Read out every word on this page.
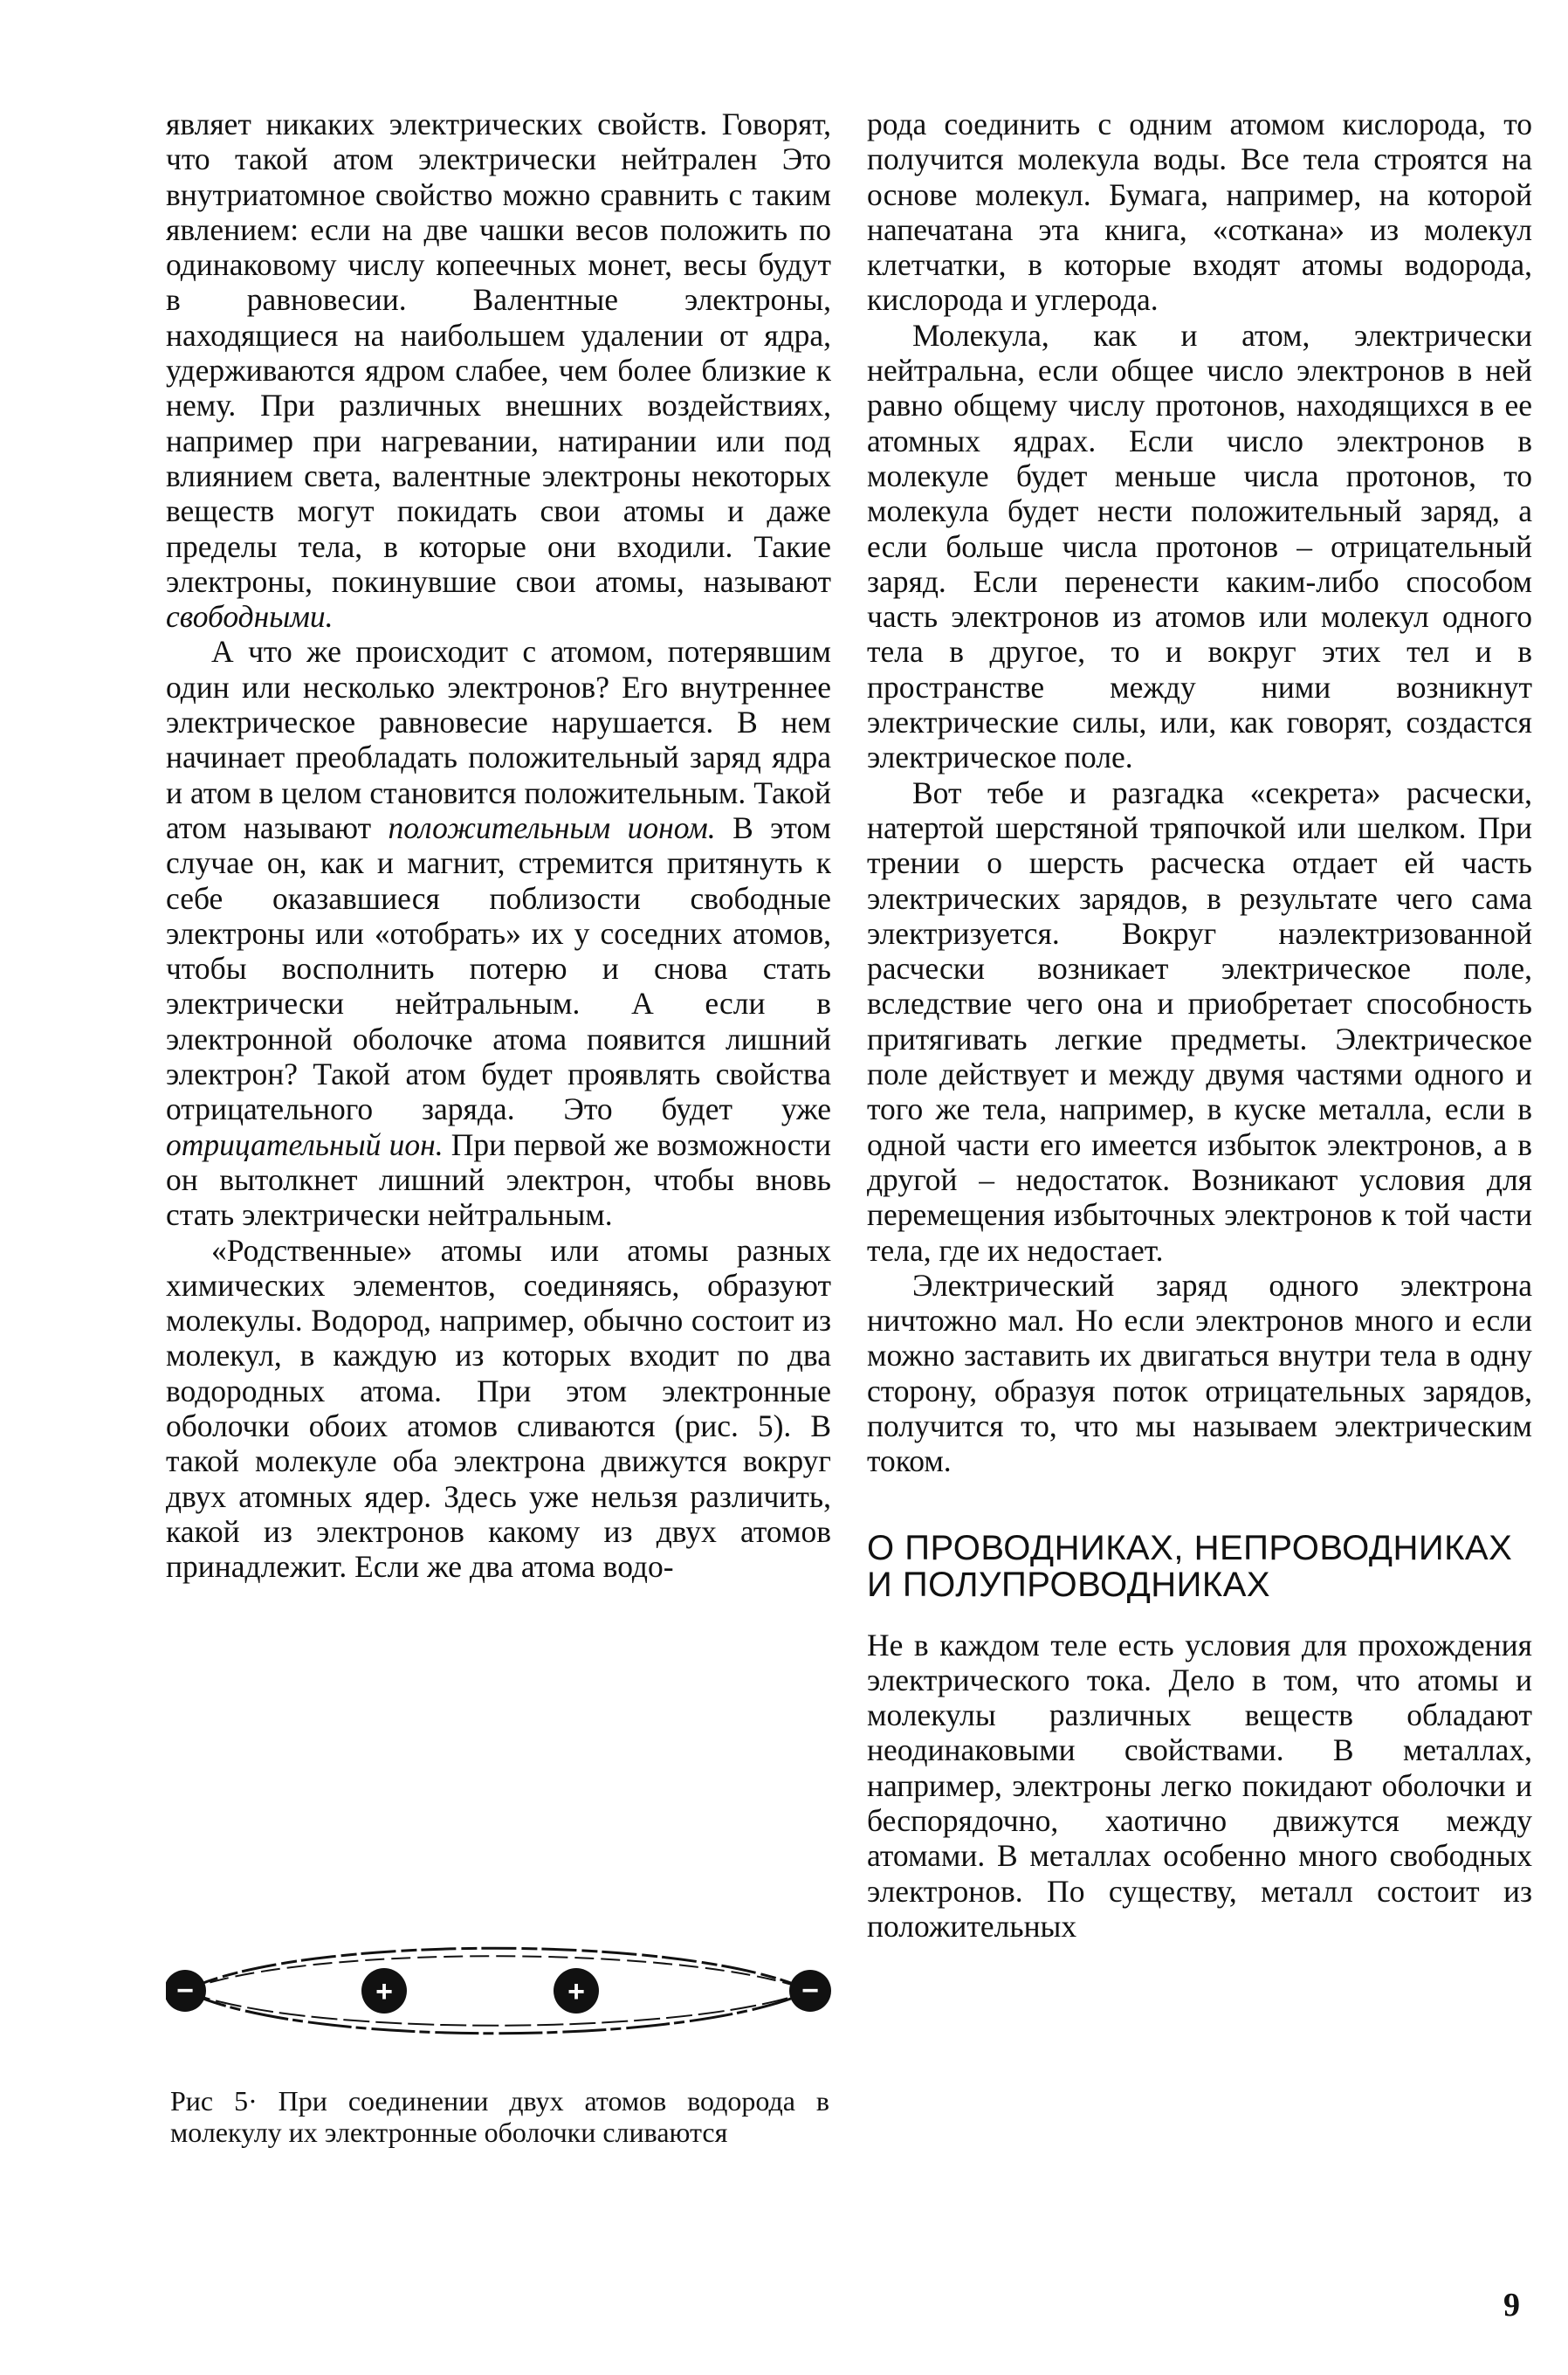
являет никаких электрических свойств. Говорят, что такой атом электрически нейтрален Это внутриатомное свойство можно сравнить с таким явлением: если на две чашки весов положить по одинаковому числу копеечных монет, весы будут в равновесии. Валентные электроны, находящиеся на наибольшем удалении от ядра, удерживаются ядром слабее, чем более близкие к нему. При различных внешних воздействиях, например при нагревании, натирании или под влиянием света, валентные электроны некоторых веществ могут покидать свои атомы и даже пределы тела, в которые они входили. Такие электроны, покинувшие свои атомы, называют свободными.

А что же происходит с атомом, потерявшим один или несколько электронов? Его внутреннее электрическое равновесие нарушается. В нем начинает преобладать положительный заряд ядра и атом в целом становится положительным. Такой атом называют положительным ионом. В этом случае он, как и магнит, стремится притянуть к себе оказавшиеся поблизости свободные электроны или «отобрать» их у соседних атомов, чтобы восполнить потерю и снова стать электрически нейтральным. А если в электронной оболочке атома появится лишний электрон? Такой атом будет проявлять свойства отрицательного заряда. Это будет уже отрицательный ион. При первой же возможности он вытолкнет лишний электрон, чтобы вновь стать электрически нейтральным.

«Родственные» атомы или атомы разных химических элементов, соединяясь, образуют молекулы. Водород, например, обычно состоит из молекул, в каждую из которых входит по два водородных атома. При этом электронные оболочки обоих атомов сливаются (рис. 5). В такой молекуле оба электрона движутся вокруг двух атомных ядер. Здесь уже нельзя различить, какой из электронов какому из двух атомов принадлежит. Если же два атома водо-

−	−
+	+
Рис 5· При соединении двух атомов водорода в молекулу их электронные оболочки сливаются

рода соединить с одним атомом кислорода, то получится молекула воды. Все тела строятся на основе молекул. Бумага, например, на которой напечатана эта книга, «соткана» из молекул клетчатки, в которые входят атомы водорода, кислорода и углерода.

Молекула, как и атом, электрически нейтральна, если общее число электронов в ней равно общему числу протонов, находящихся в ее атомных ядрах. Если число электронов в молекуле будет меньше числа протонов, то молекула будет нести положительный заряд, а если больше числа протонов – отрицательный заряд. Если перенести каким-либо способом часть электронов из атомов или молекул одного тела в другое, то и вокруг этих тел и в пространстве между ними возникнут электрические силы, или, как говорят, создастся электрическое поле.

Вот тебе и разгадка «секрета» расчески, натертой шерстяной тряпочкой или шелком. При трении о шерсть расческа отдает ей часть электрических зарядов, в результате чего сама электризуется. Вокруг наэлектризованной расчески возникает электрическое поле, вследствие чего она и приобретает способность притягивать легкие предметы. Электрическое поле действует и между двумя частями одного и того же тела, например, в куске металла, если в одной части его имеется избыток электронов, а в другой – недостаток. Возникают условия для перемещения избыточных электронов к той части тела, где их недостает.

Электрический заряд одного электрона ничтожно мал. Но если электронов много и если можно заставить их двигаться внутри тела в одну сторону, образуя поток отрицательных зарядов, получится то, что мы называем электрическим током.

О ПРОВОДНИКАХ, НЕПРОВОДНИКАХ И ПОЛУПРОВОДНИКАХ

Не в каждом теле есть условия для прохождения электрического тока. Дело в том, что атомы и молекулы различных веществ обладают неодинаковыми свойствами. В металлах, например, электроны легко покидают оболочки и беспорядочно, хаотично движутся между атомами. В металлах особенно много свободных электронов. По существу, металл состоит из положительных

9
